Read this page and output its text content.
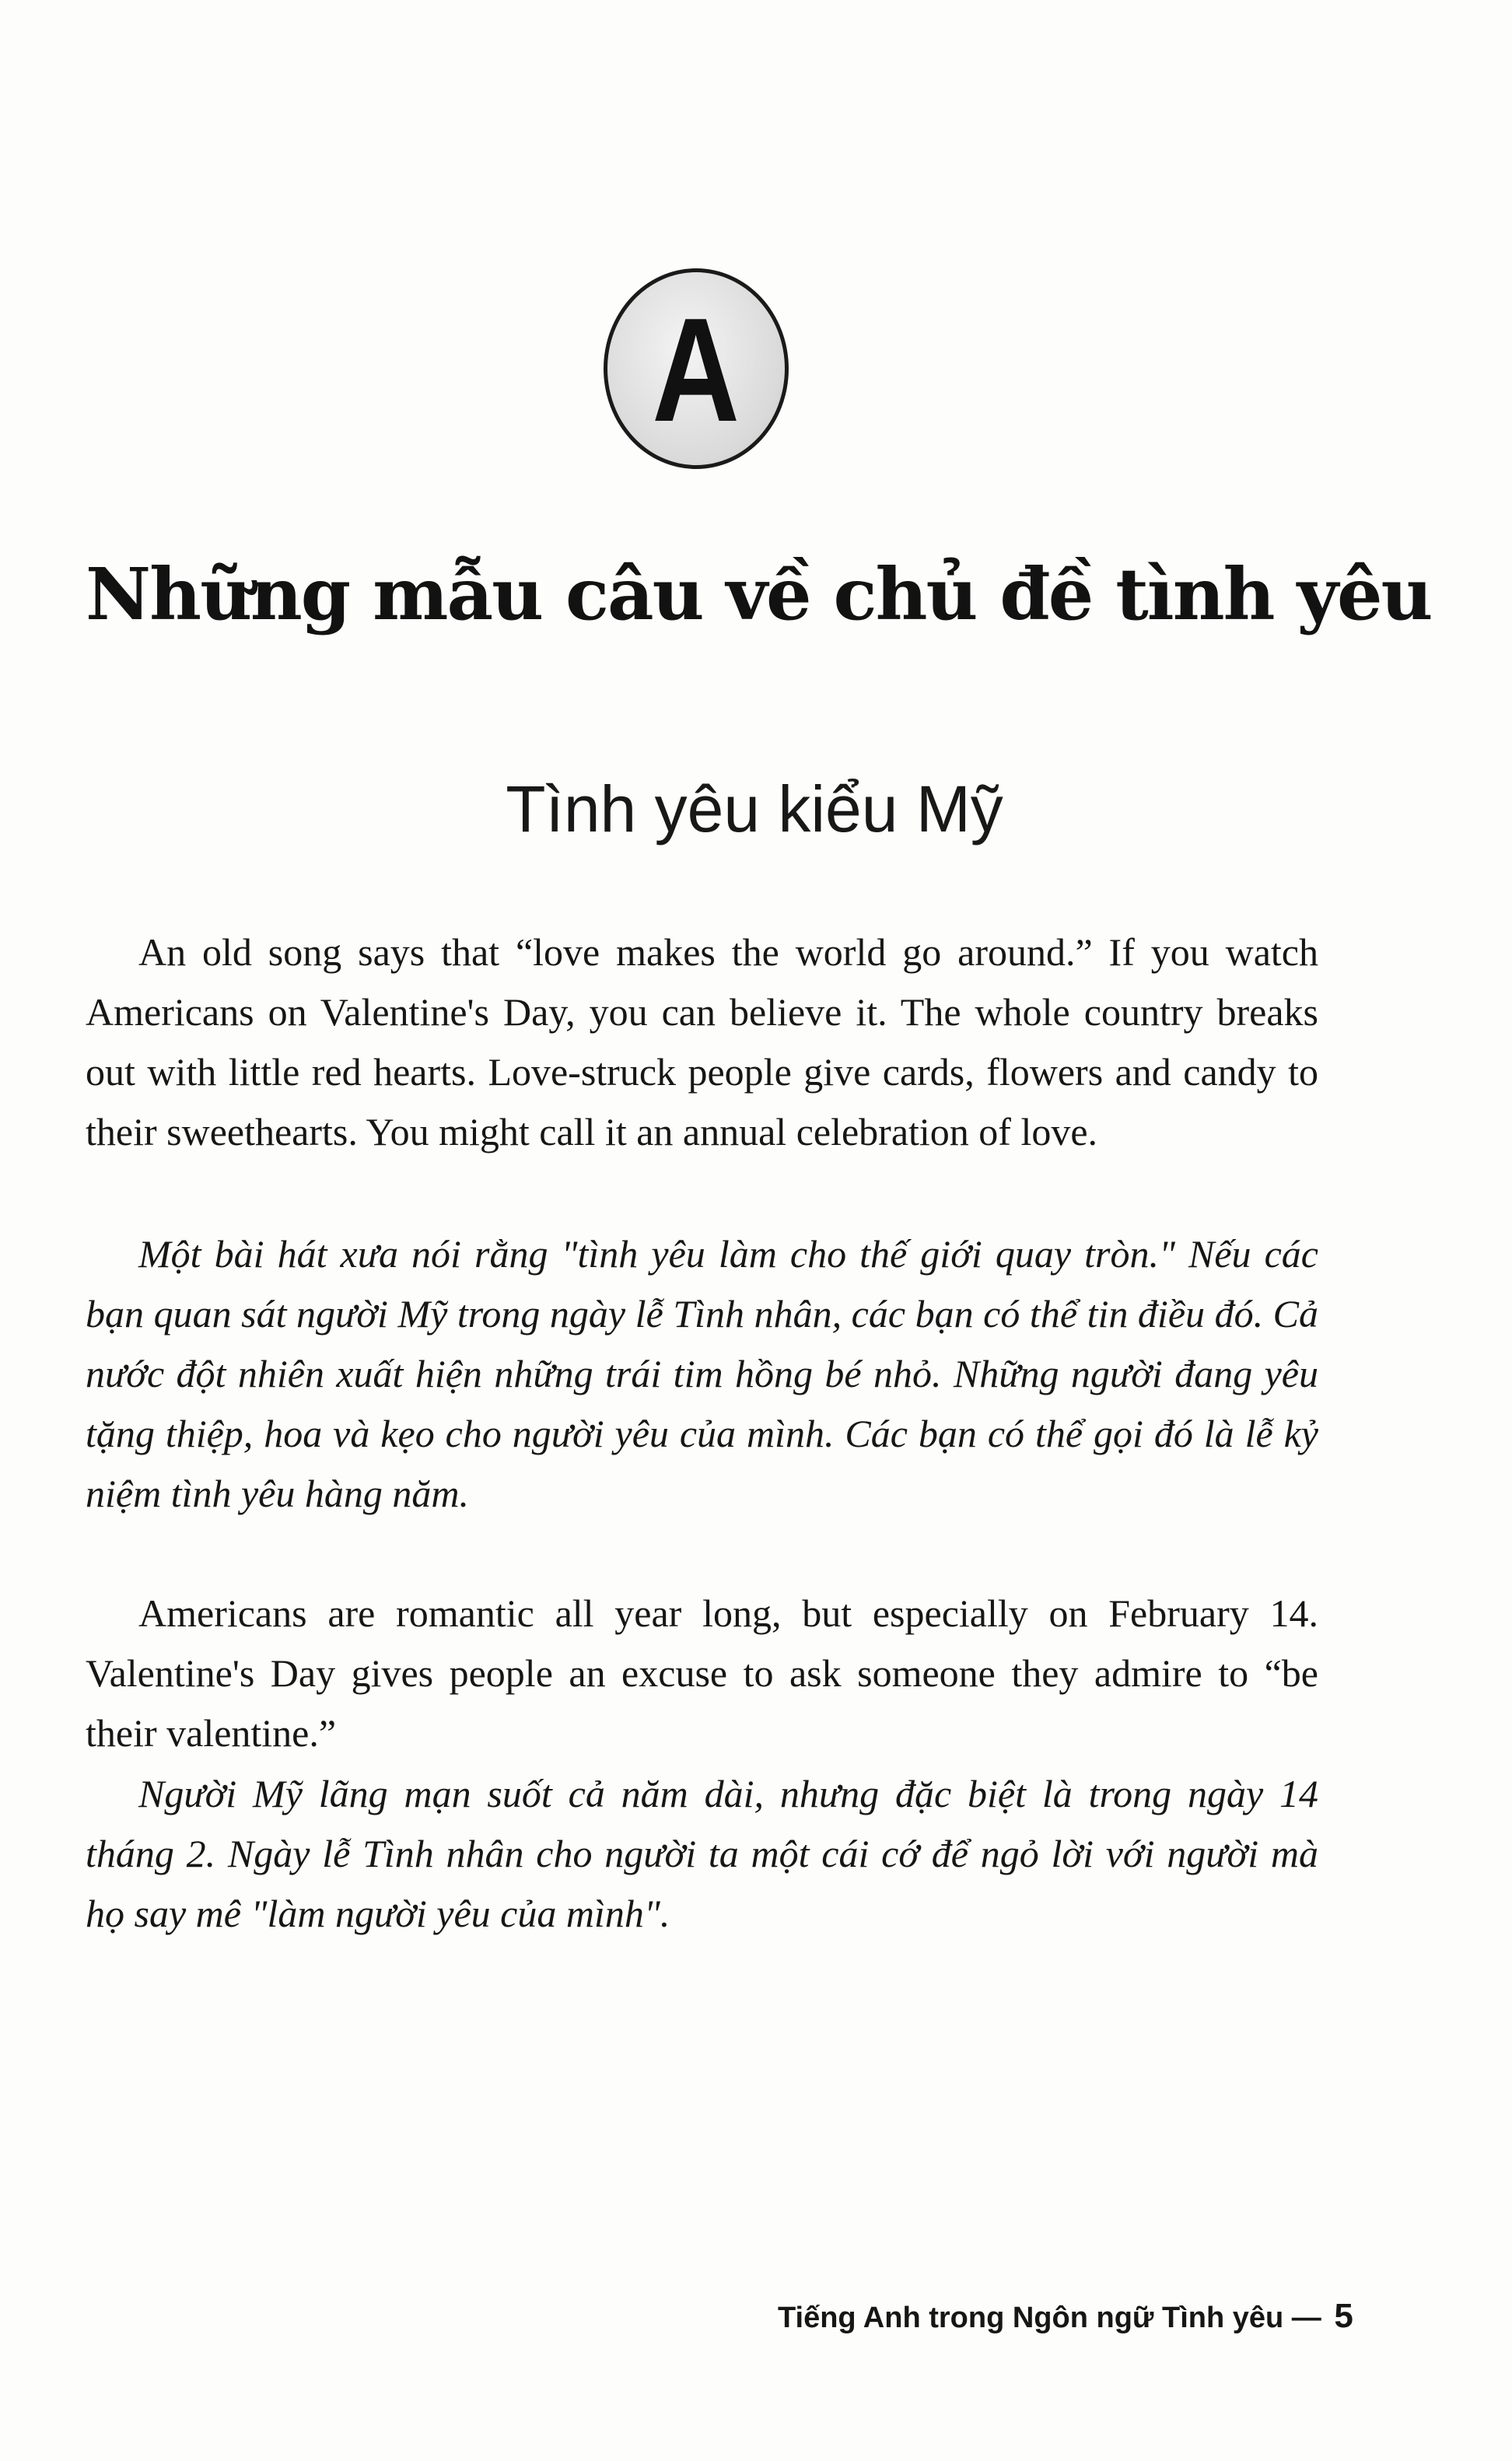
A
Những mẫu câu về chủ đề tình yêu
Tình yêu kiểu Mỹ

An old song says that “love makes the world go around.” If you watch Americans on Valentine's Day, you can believe it. The whole country breaks out with little red hearts. Love-struck people give cards, flowers and candy to their sweethearts. You might call it an annual celebration of love.

Một bài hát xưa nói rằng "tình yêu làm cho thế giới quay tròn." Nếu các bạn quan sát người Mỹ trong ngày lễ Tình nhân, các bạn có thể tin điều đó. Cả nước đột nhiên xuất hiện những trái tim hồng bé nhỏ. Những người đang yêu tặng thiệp, hoa và kẹo cho người yêu của mình. Các bạn có thể gọi đó là lễ kỷ niệm tình yêu hàng năm.

Americans are romantic all year long, but especially on February 14. Valentine's Day gives people an excuse to ask someone they admire to “be their valentine.”

Người Mỹ lãng mạn suốt cả năm dài, nhưng đặc biệt là trong ngày 14 tháng 2. Ngày lễ Tình nhân cho người ta một cái cớ để ngỏ lời với người mà họ say mê "làm người yêu của mình".

Tiếng Anh trong Ngôn ngữ Tình yêu — 5
